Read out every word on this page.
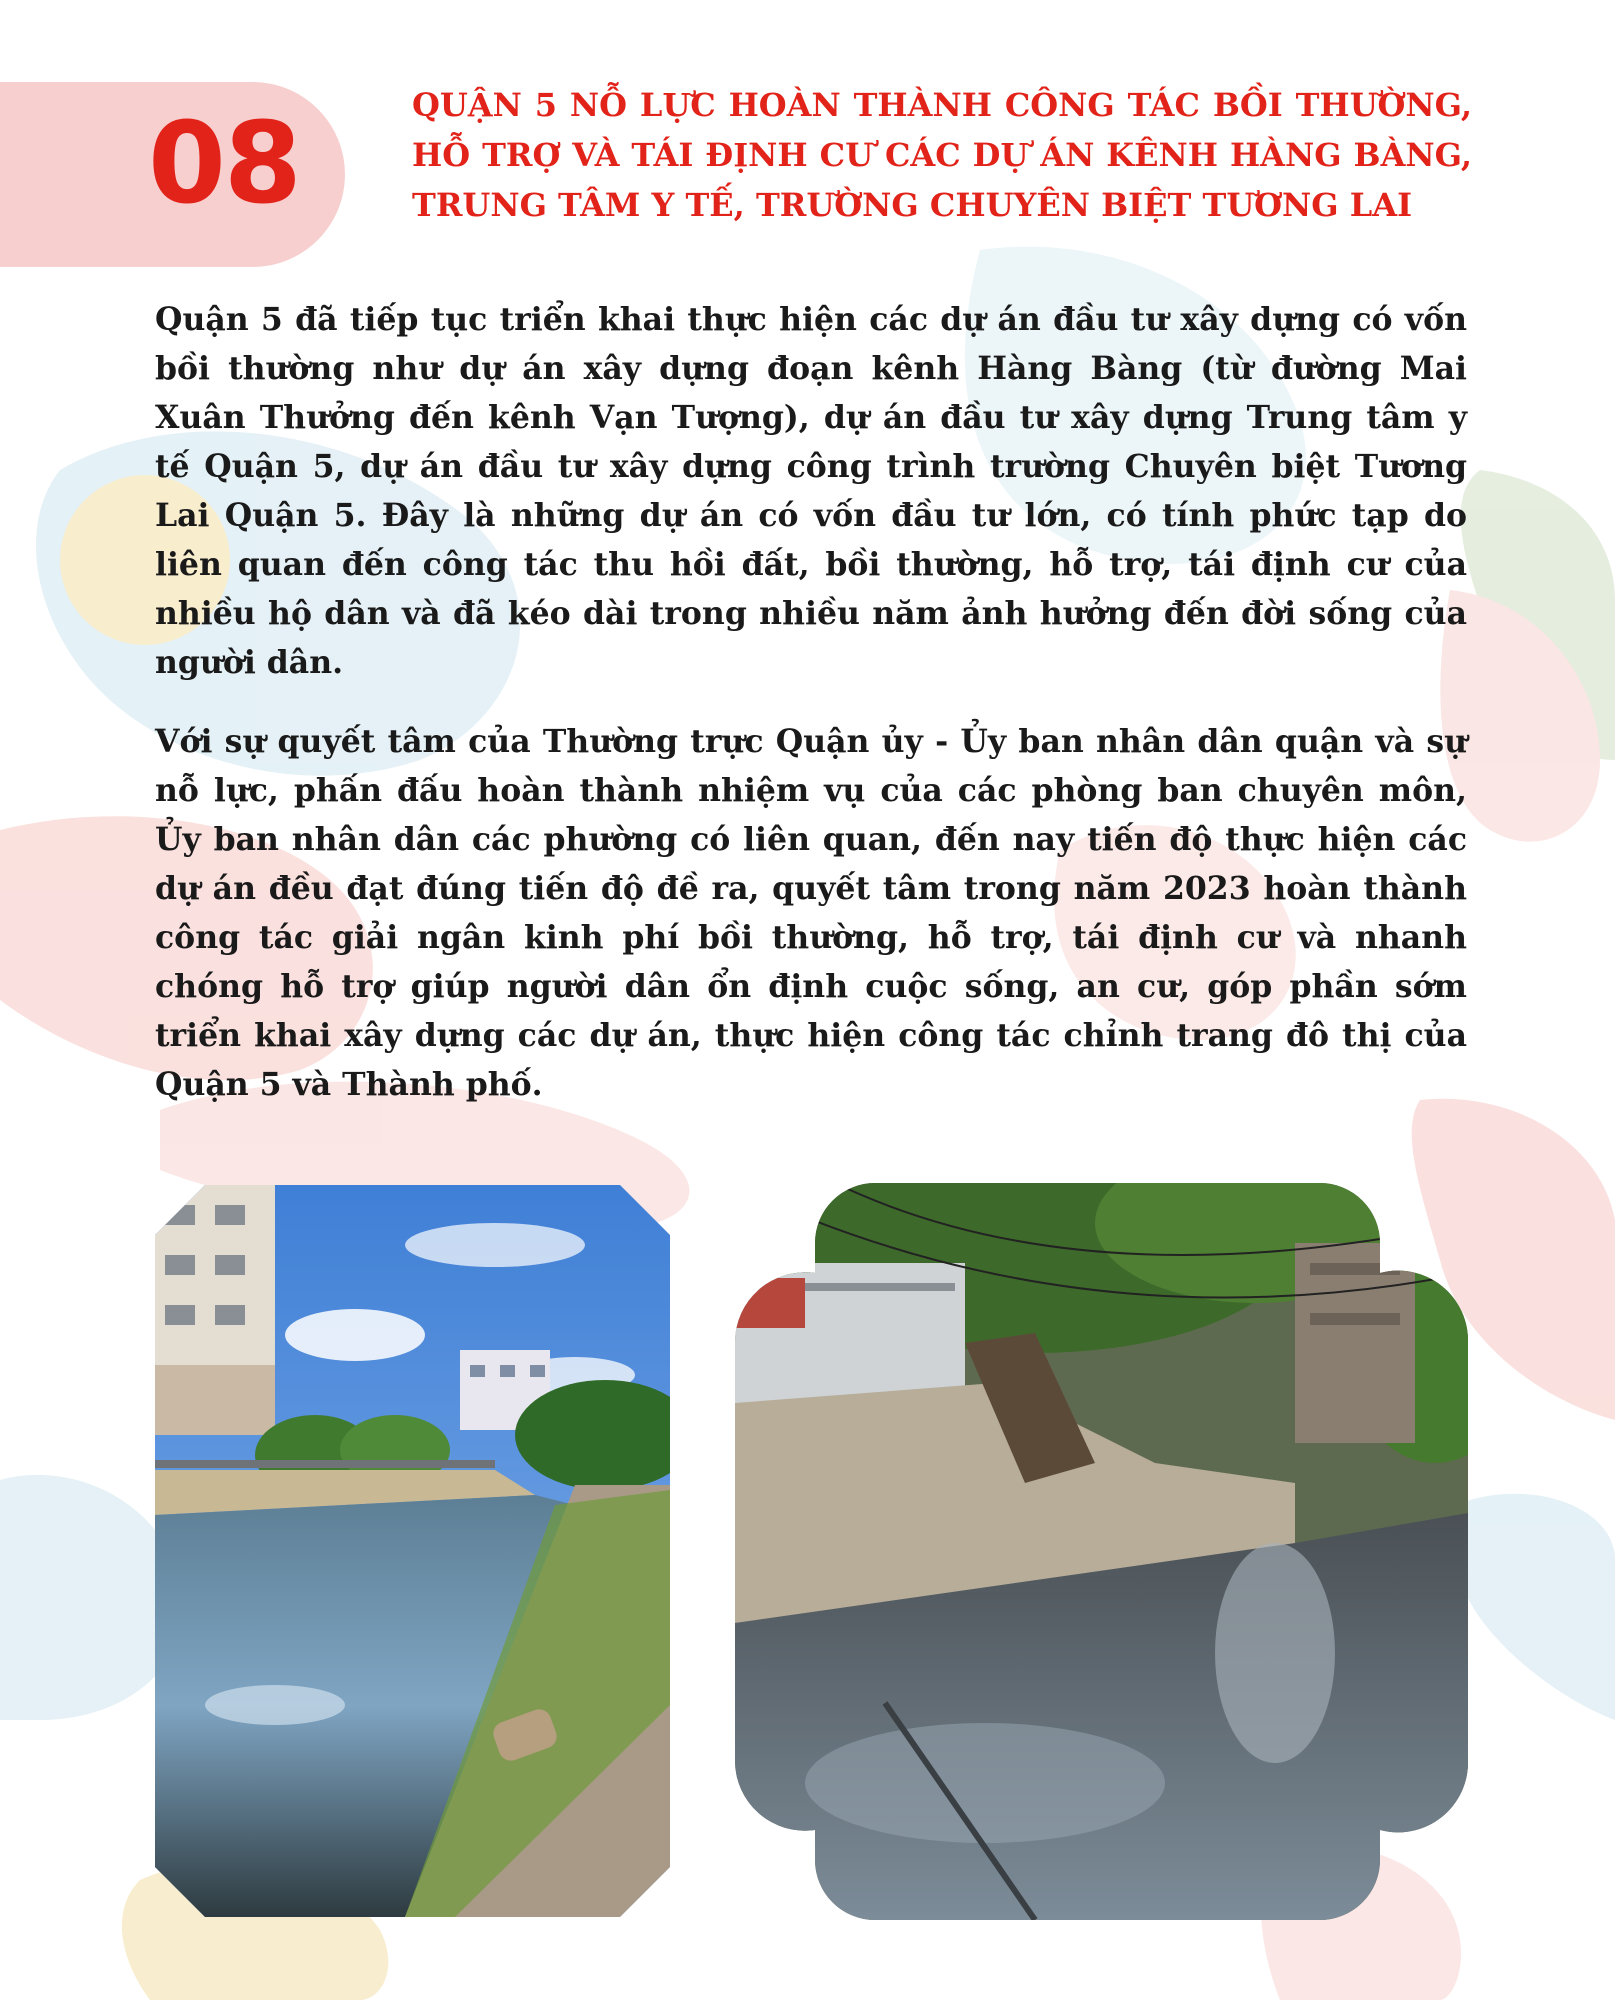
08	QUẬN 5 NỖ LỰC HOÀN THÀNH CÔNG TÁC BỒI THƯỜNG, HỖ TRỢ VÀ TÁI ĐỊNH CƯ CÁC DỰ ÁN KÊNH HÀNG BÀNG, TRUNG TÂM Y TẾ, TRƯỜNG CHUYÊN BIỆT TƯƠNG LAI

Quận 5 đã tiếp tục triển khai thực hiện các dự án đầu tư xây dựng có vốn bồi thường như dự án xây dựng đoạn kênh Hàng Bàng (từ đường Mai Xuân Thưởng đến kênh Vạn Tượng), dự án đầu tư xây dựng Trung tâm y tế Quận 5, dự án đầu tư xây dựng công trình trường Chuyên biệt Tương Lai Quận 5. Đây là những dự án có vốn đầu tư lớn, có tính phức tạp do liên quan đến công tác thu hồi đất, bồi thường, hỗ trợ, tái định cư của nhiều hộ dân và đã kéo dài trong nhiều năm ảnh hưởng đến đời sống của người dân.

Với sự quyết tâm của Thường trực Quận ủy - Ủy ban nhân dân quận và sự nỗ lực, phấn đấu hoàn thành nhiệm vụ của các phòng ban chuyên môn, Ủy ban nhân dân các phường có liên quan, đến nay tiến độ thực hiện các dự án đều đạt đúng tiến độ đề ra, quyết tâm trong năm 2023 hoàn thành công tác giải ngân kinh phí bồi thường, hỗ trợ, tái định cư và nhanh chóng hỗ trợ giúp người dân ổn định cuộc sống, an cư, góp phần sớm triển khai xây dựng các dự án, thực hiện công tác chỉnh trang đô thị của Quận 5 và Thành phố.
